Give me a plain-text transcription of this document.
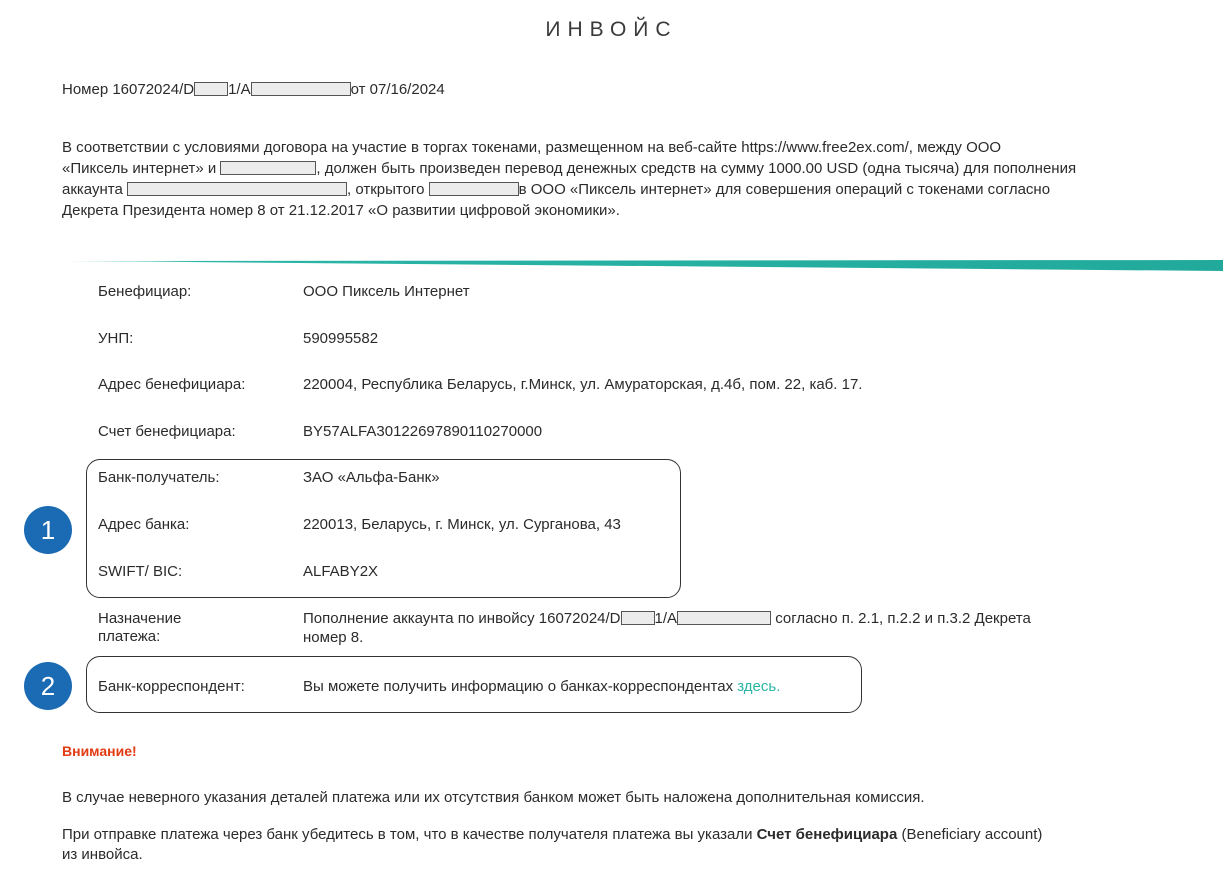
ИНВОЙС
Номер 16072024/D 1/A	от 07/16/2024
В соответствии с условиями договора на участие в торгах токенами, размещенном на веб-сайте https://www.free2ex.com/, между ООО
«Пиксель интернет» и	, должен быть произведен перевод денежных средств на сумму 1000.00 USD (одна тысяча) для пополнения
аккаунта	, открытого	в ООО «Пиксель интернет» для совершения операций с токенами согласно
Декрета Президента номер 8 от 21.12.2017 «О развитии цифровой экономики».
Бенефициар:	ООО Пиксель Интернет
УНП:	590995582
Адрес бенефициара:	220004, Республика Беларусь, г.Минск, ул. Амураторская, д.4б, пом. 22, каб. 17.
Счет бенефициара:	BY57ALFA30122697890110270000
1
Банк-получатель:	ЗАО «Альфа-Банк»
Адрес банка:	220013, Беларусь, г. Минск, ул. Сурганова, 43
SWIFT/ BIC:	ALFABY2X
Назначение
платежа:
Пополнение аккаунта по инвойсу 16072024/D 1/A	согласно п. 2.1, п.2.2 и п.3.2 Декрета
номер 8.
2	Банк-корреспондент:	Вы можете получить информацию о банках-корреспондентах здесь.
Внимание!
В случае неверного указания деталей платежа или их отсутствия банком может быть наложена дополнительная комиссия.
При отправке платежа через банк убедитесь в том, что в качестве получателя платежа вы указали Счет бенефициара (Beneficiary account)
из инвойса.
